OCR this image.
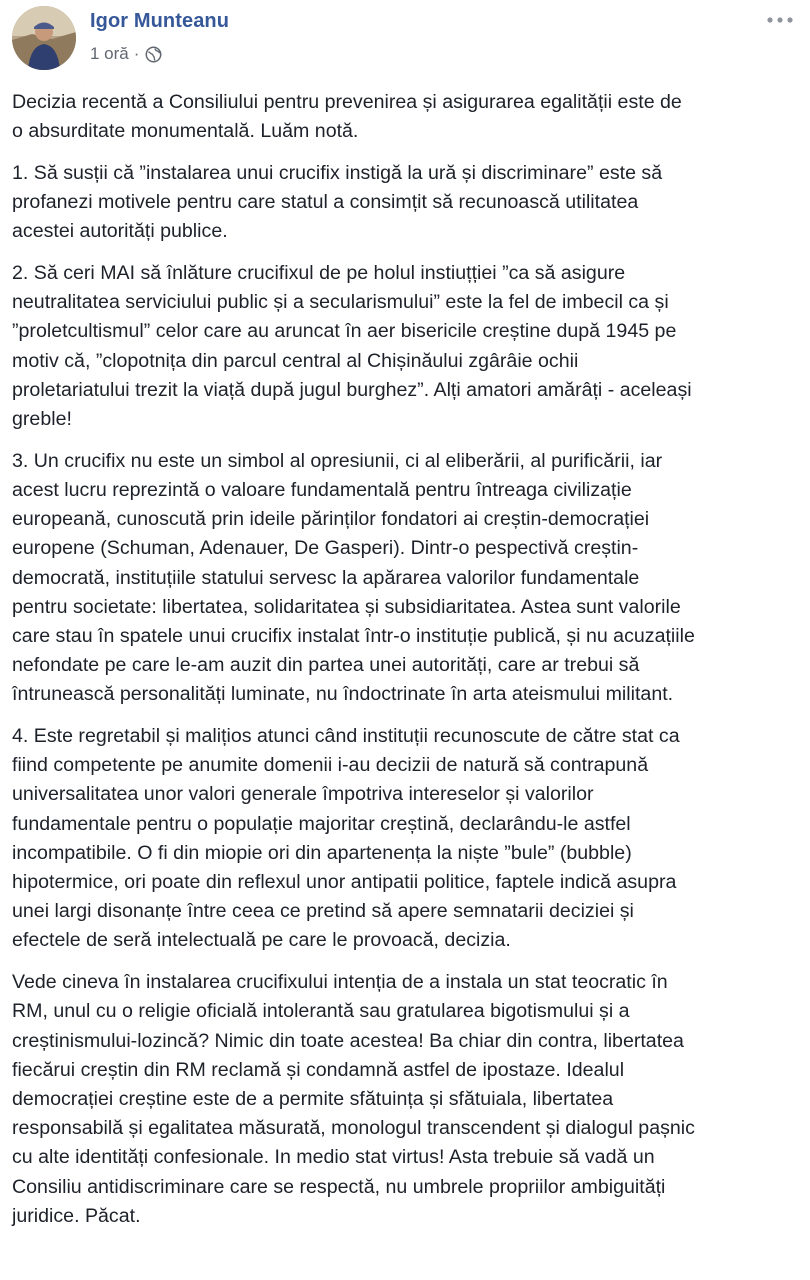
Igor Munteanu
1 oră ·

Decizia recentă a Consiliului pentru prevenirea și asigurarea egalității este de
o absurditate monumentală. Luăm notă.

1. Să susții că ”instalarea unui crucifix instigă la ură și discriminare” este să
profanezi motivele pentru care statul a consimțit să recunoască utilitatea
acestei autorități publice.

2. Să ceri MAI să înlăture crucifixul de pe holul instiuțției ”ca să asigure
neutralitatea serviciului public și a secularismului” este la fel de imbecil ca și
”proletcultismul” celor care au aruncat în aer bisericile creștine după 1945 pe
motiv că, ”clopotnița din parcul central al Chișinăului zgârâie ochii
proletariatului trezit la viață după jugul burghez”. Alți amatori amărâți - aceleași
greble!

3. Un crucifix nu este un simbol al opresiunii, ci al eliberării, al purificării, iar
acest lucru reprezintă o valoare fundamentală pentru întreaga civilizație
europeană, cunoscută prin ideile părinților fondatori ai creștin-democrației
europene (Schuman, Adenauer, De Gasperi). Dintr-o pespectivă creștin-
democrată, instituțiile statului servesc la apărarea valorilor fundamentale
pentru societate: libertatea, solidaritatea și subsidiaritatea. Astea sunt valorile
care stau în spatele unui crucifix instalat într-o instituție publică, și nu acuzațiile
nefondate pe care le-am auzit din partea unei autorități, care ar trebui să
întrunească personalități luminate, nu îndoctrinate în arta ateismului militant.

4. Este regretabil și malițios atunci când instituții recunoscute de către stat ca
fiind competente pe anumite domenii i-au decizii de natură să contrapună
universalitatea unor valori generale împotriva intereselor și valorilor
fundamentale pentru o populație majoritar creștină, declarându-le astfel
incompatibile. O fi din miopie ori din apartenența la niște ”bule” (bubble)
hipotermice, ori poate din reflexul unor antipatii politice, faptele indică asupra
unei largi disonanțe între ceea ce pretind să apere semnatarii deciziei și
efectele de seră intelectuală pe care le provoacă, decizia.

Vede cineva în instalarea crucifixului intenția de a instala un stat teocratic în
RM, unul cu o religie oficială intolerantă sau gratularea bigotismului și a
creștinismului-lozincă? Nimic din toate acestea! Ba chiar din contra, libertatea
fiecărui creștin din RM reclamă și condamnă astfel de ipostaze. Idealul
democrației creștine este de a permite sfătuința și sfătuiala, libertatea
responsabilă și egalitatea măsurată, monologul transcendent și dialogul pașnic
cu alte identități confesionale. In medio stat virtus! Asta trebuie să vadă un
Consiliu antidiscriminare care se respectă, nu umbrele propriilor ambiguități
juridice. Păcat.
